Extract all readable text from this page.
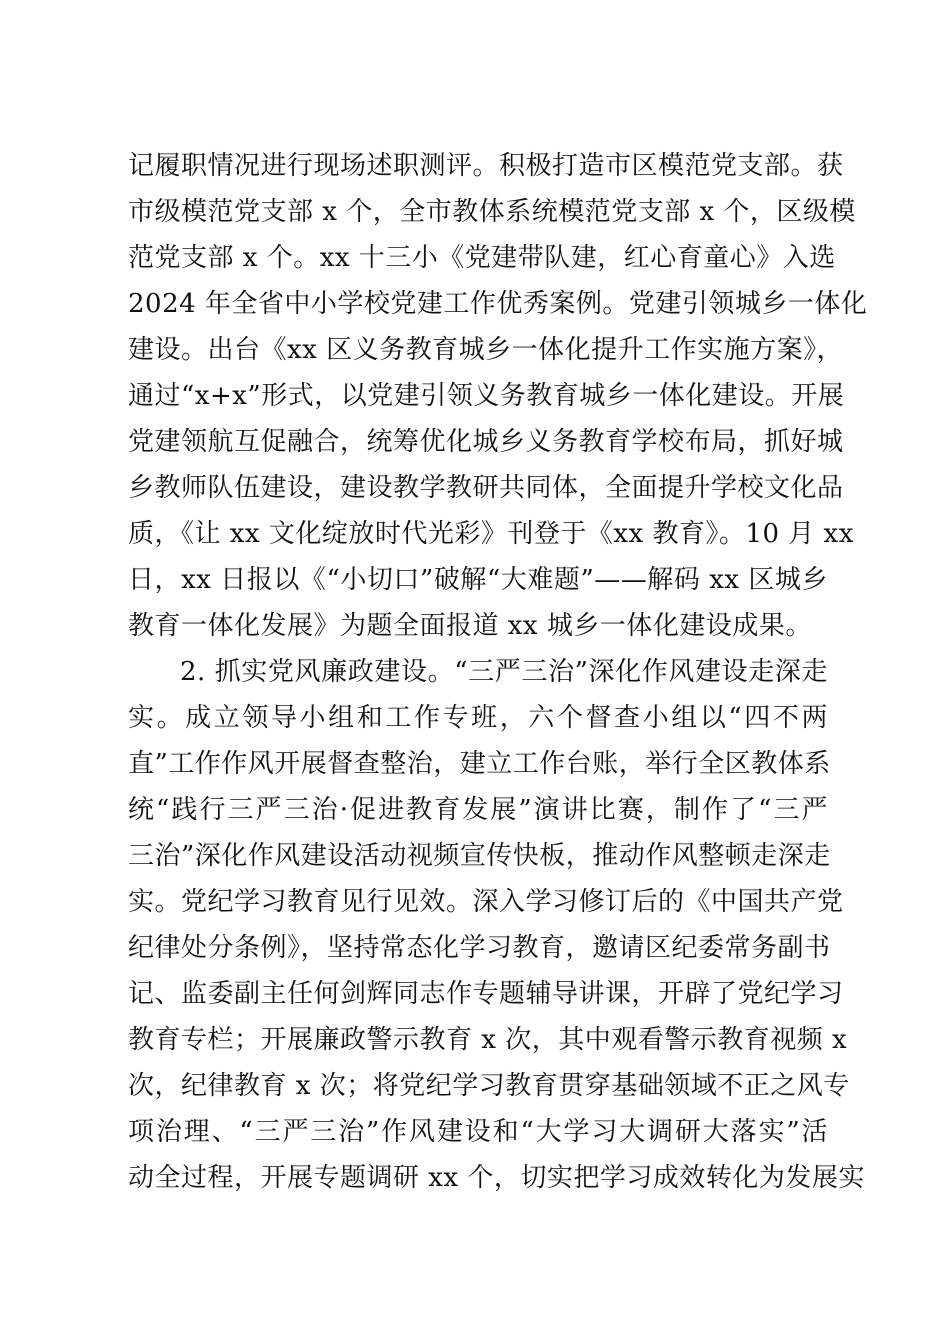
记履职情况进行现场述职测评。积极打造市区模范党支部。获
市级模范党支部 x 个，全市教体系统模范党支部 x 个，区级模
范党支部 x 个。xx 十三小《党建带队建，红心育童心》入选
2024 年全省中小学校党建工作优秀案例。党建引领城乡一体化
建设。出台《xx 区义务教育城乡一体化提升工作实施方案》，
通过“x+x”形式，以党建引领义务教育城乡一体化建设。开展
党建领航互促融合，统筹优化城乡义务教育学校布局，抓好城
乡教师队伍建设，建设教学教研共同体，全面提升学校文化品
质，《让 xx 文化绽放时代光彩》刊登于《xx 教育》。10 月 xx
日，xx 日报以《“小切口”破解“大难题”——解码 xx 区城乡
教育一体化发展》为题全面报道 xx 城乡一体化建设成果。
2. 抓实党风廉政建设。“三严三治”深化作风建设走深走
实。成立领导小组和工作专班，六个督查小组以“四不两
直”工作作风开展督查整治，建立工作台账，举行全区教体系
统“践行三严三治·促进教育发展”演讲比赛，制作了“三严
三治”深化作风建设活动视频宣传快板，推动作风整顿走深走
实。党纪学习教育见行见效。深入学习修订后的《中国共产党
纪律处分条例》，坚持常态化学习教育，邀请区纪委常务副书
记、监委副主任何剑辉同志作专题辅导讲课，开辟了党纪学习
教育专栏；开展廉政警示教育 x 次，其中观看警示教育视频 x
次，纪律教育 x 次；将党纪学习教育贯穿基础领域不正之风专
项治理、“三严三治”作风建设和“大学习大调研大落实”活
动全过程，开展专题调研 xx 个，切实把学习成效转化为发展实
